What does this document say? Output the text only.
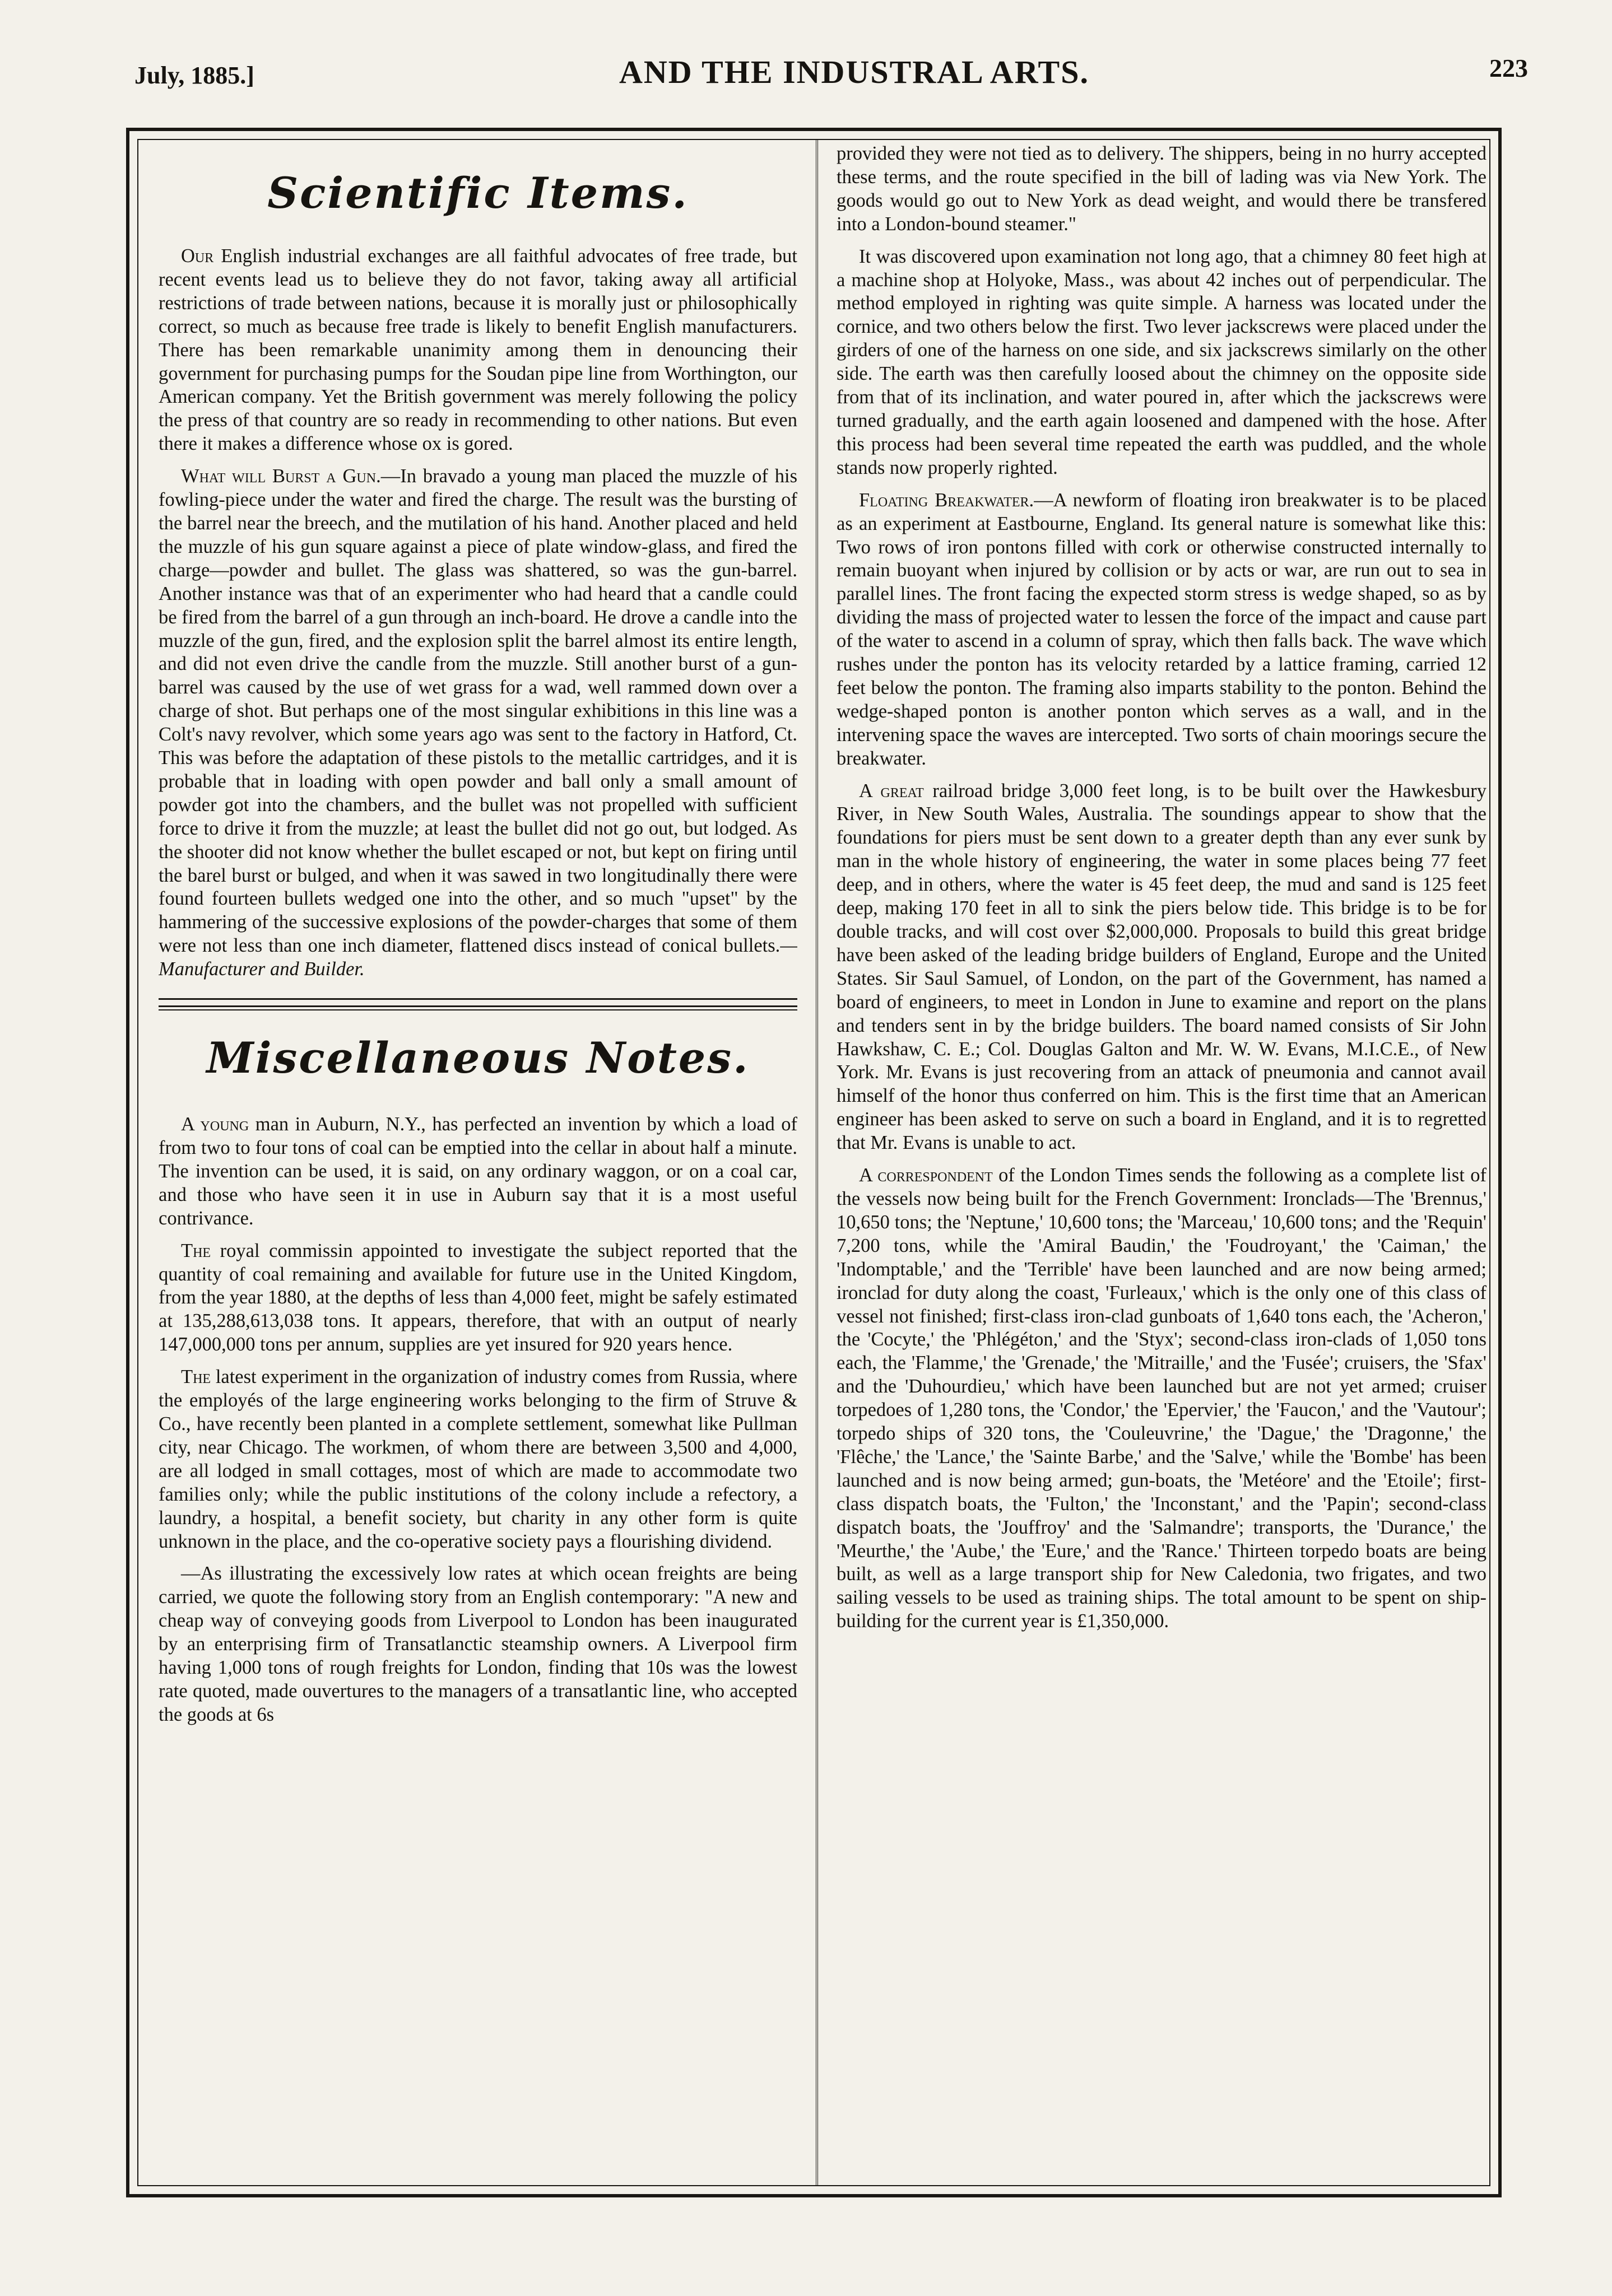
July, 1885.]	AND THE INDUSTRAL ARTS.	223
Scientific Items.

Our English industrial exchanges are all faithful advocates of free trade, but recent events lead us to believe they do not favor, taking away all artificial restrictions of trade between nations, because it is morally just or philosophically correct, so much as because free trade is likely to benefit English manufacturers. There has been remarkable unanimity among them in denouncing their government for purchasing pumps for the Soudan pipe line from Worthington, our American company. Yet the British government was merely following the policy the press of that country are so ready in recommending to other nations. But even there it makes a difference whose ox is gored.

What will Burst a Gun.—In bravado a young man placed the muzzle of his fowling-piece under the water and fired the charge. The result was the bursting of the barrel near the breech, and the mutilation of his hand. Another placed and held the muzzle of his gun square against a piece of plate window-glass, and fired the charge—powder and bullet. The glass was shattered, so was the gun-barrel. Another instance was that of an experimenter who had heard that a candle could be fired from the barrel of a gun through an inch-board. He drove a candle into the muzzle of the gun, fired, and the explosion split the barrel almost its entire length, and did not even drive the candle from the muzzle. Still another burst of a gun-barrel was caused by the use of wet grass for a wad, well rammed down over a charge of shot. But perhaps one of the most singular exhibitions in this line was a Colt's navy revolver, which some years ago was sent to the factory in Hatford, Ct. This was before the adaptation of these pistols to the metallic cartridges, and it is probable that in loading with open powder and ball only a small amount of powder got into the chambers, and the bullet was not propelled with sufficient force to drive it from the muzzle; at least the bullet did not go out, but lodged. As the shooter did not know whether the bullet escaped or not, but kept on firing until the barel burst or bulged, and when it was sawed in two longitudinally there were found fourteen bullets wedged one into the other, and so much "upset" by the hammering of the successive explosions of the powder-charges that some of them were not less than one inch diameter, flattened discs instead of conical bullets.—Manufacturer and Builder.

Miscellaneous Notes.

A young man in Auburn, N.Y., has perfected an invention by which a load of from two to four tons of coal can be emptied into the cellar in about half a minute. The invention can be used, it is said, on any ordinary waggon, or on a coal car, and those who have seen it in use in Auburn say that it is a most useful contrivance.

The royal commissin appointed to investigate the subject reported that the quantity of coal remaining and available for future use in the United Kingdom, from the year 1880, at the depths of less than 4,000 feet, might be safely estimated at 135,288,613,038 tons. It appears, therefore, that with an output of nearly 147,000,000 tons per annum, supplies are yet insured for 920 years hence.

The latest experiment in the organization of industry comes from Russia, where the employés of the large engineering works belonging to the firm of Struve & Co., have recently been planted in a complete settlement, somewhat like Pullman city, near Chicago. The workmen, of whom there are between 3,500 and 4,000, are all lodged in small cottages, most of which are made to accommodate two families only; while the public institutions of the colony include a refectory, a laundry, a hospital, a benefit society, but charity in any other form is quite unknown in the place, and the co-operative society pays a flourishing dividend.

—As illustrating the excessively low rates at which ocean freights are being carried, we quote the following story from an English contemporary: "A new and cheap way of conveying goods from Liverpool to London has been inaugurated by an enterprising firm of Transatlanctic steamship owners. A Liverpool firm having 1,000 tons of rough freights for London, finding that 10s was the lowest rate quoted, made ouvertures to the managers of a transatlantic line, who accepted the goods at 6s

provided they were not tied as to delivery. The shippers, being in no hurry accepted these terms, and the route specified in the bill of lading was via New York. The goods would go out to New York as dead weight, and would there be transfered into a London-bound steamer."

It was discovered upon examination not long ago, that a chimney 80 feet high at a machine shop at Holyoke, Mass., was about 42 inches out of perpendicular. The method employed in righting was quite simple. A harness was located under the cornice, and two others below the first. Two lever jackscrews were placed under the girders of one of the harness on one side, and six jackscrews similarly on the other side. The earth was then carefully loosed about the chimney on the opposite side from that of its inclination, and water poured in, after which the jackscrews were turned gradually, and the earth again loosened and dampened with the hose. After this process had been several time repeated the earth was puddled, and the whole stands now properly righted.

Floating Breakwater.—A newform of floating iron breakwater is to be placed as an experiment at Eastbourne, England. Its general nature is somewhat like this: Two rows of iron pontons filled with cork or otherwise constructed internally to remain buoyant when injured by collision or by acts or war, are run out to sea in parallel lines. The front facing the expected storm stress is wedge shaped, so as by dividing the mass of projected water to lessen the force of the impact and cause part of the water to ascend in a column of spray, which then falls back. The wave which rushes under the ponton has its velocity retarded by a lattice framing, carried 12 feet below the ponton. The framing also imparts stability to the ponton. Behind the wedge-shaped ponton is another ponton which serves as a wall, and in the intervening space the waves are intercepted. Two sorts of chain moorings secure the breakwater.

A great railroad bridge 3,000 feet long, is to be built over the Hawkesbury River, in New South Wales, Australia. The soundings appear to show that the foundations for piers must be sent down to a greater depth than any ever sunk by man in the whole history of engineering, the water in some places being 77 feet deep, and in others, where the water is 45 feet deep, the mud and sand is 125 feet deep, making 170 feet in all to sink the piers below tide. This bridge is to be for double tracks, and will cost over $2,000,000. Proposals to build this great bridge have been asked of the leading bridge builders of England, Europe and the United States. Sir Saul Samuel, of London, on the part of the Government, has named a board of engineers, to meet in London in June to examine and report on the plans and tenders sent in by the bridge builders. The board named consists of Sir John Hawkshaw, C. E.; Col. Douglas Galton and Mr. W. W. Evans, M.I.C.E., of New York. Mr. Evans is just recovering from an attack of pneumonia and cannot avail himself of the honor thus conferred on him. This is the first time that an American engineer has been asked to serve on such a board in England, and it is to regretted that Mr. Evans is unable to act.

A correspondent of the London Times sends the following as a complete list of the vessels now being built for the French Government: Ironclads—The 'Brennus,' 10,650 tons; the 'Neptune,' 10,600 tons; the 'Marceau,' 10,600 tons; and the 'Requin' 7,200 tons, while the 'Amiral Baudin,' the 'Foudroyant,' the 'Caiman,' the 'Indomptable,' and the 'Terrible' have been launched and are now being armed; ironclad for duty along the coast, 'Furleaux,' which is the only one of this class of vessel not finished; first-class iron-clad gunboats of 1,640 tons each, the 'Acheron,' the 'Cocyte,' the 'Phlégéton,' and the 'Styx'; second-class iron-clads of 1,050 tons each, the 'Flamme,' the 'Grenade,' the 'Mitraille,' and the 'Fusée'; cruisers, the 'Sfax' and the 'Duhourdieu,' which have been launched but are not yet armed; cruiser torpedoes of 1,280 tons, the 'Condor,' the 'Epervier,' the 'Faucon,' and the 'Vautour'; torpedo ships of 320 tons, the 'Couleuvrine,' the 'Dague,' the 'Dragonne,' the 'Flêche,' the 'Lance,' the 'Sainte Barbe,' and the 'Salve,' while the 'Bombe' has been launched and is now being armed; gun-boats, the 'Metéore' and the 'Etoile'; first-class dispatch boats, the 'Fulton,' the 'Inconstant,' and the 'Papin'; second-class dispatch boats, the 'Jouffroy' and the 'Salmandre'; transports, the 'Durance,' the 'Meurthe,' the 'Aube,' the 'Eure,' and the 'Rance.' Thirteen torpedo boats are being built, as well as a large transport ship for New Caledonia, two frigates, and two sailing vessels to be used as training ships. The total amount to be spent on ship-building for the current year is £1,350,000.
